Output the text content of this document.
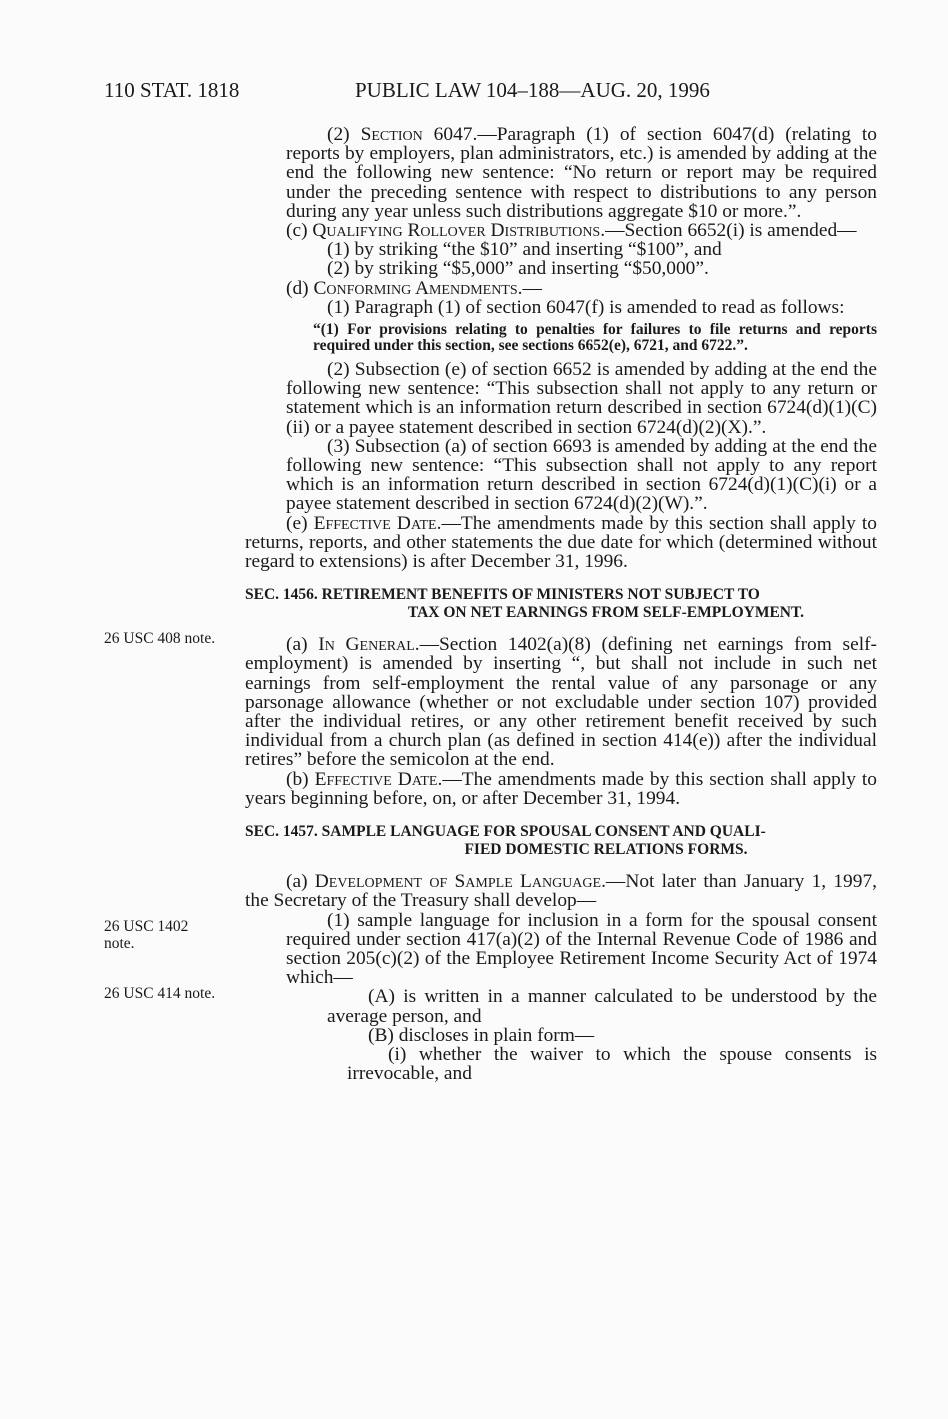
110 STAT. 1818	PUBLIC LAW 104–188—AUG. 20, 1996
26 USC 408 note.
26 USC 1402
note.
26 USC 414 note.

(2) Section 6047.—Paragraph (1) of section 6047(d) (relating to reports by employers, plan administrators, etc.) is amended by adding at the end the following new sentence: “No return or report may be required under the preceding sentence with respect to distributions to any person during any year unless such distributions aggregate $10 or more.”.

(c) Qualifying Rollover Distributions.—Section 6652(i) is amended—

(1) by striking “the $10” and inserting “$100”, and

(2) by striking “$5,000” and inserting “$50,000”.

(d) Conforming Amendments.—

(1) Paragraph (1) of section 6047(f) is amended to read as follows:

“(1) For provisions relating to penalties for failures to file returns and reports required under this section, see sections 6652(e), 6721, and 6722.”.

(2) Subsection (e) of section 6652 is amended by adding at the end the following new sentence: “This subsection shall not apply to any return or statement which is an information return described in section 6724(d)(1)(C)(ii) or a payee statement described in section 6724(d)(2)(X).”.

(3) Subsection (a) of section 6693 is amended by adding at the end the following new sentence: “This subsection shall not apply to any report which is an information return described in section 6724(d)(1)(C)(i) or a payee statement described in section 6724(d)(2)(W).”.

(e) Effective Date.—The amendments made by this section shall apply to returns, reports, and other statements the due date for which (determined without regard to extensions) is after December 31, 1996.

SEC. 1456. RETIREMENT BENEFITS OF MINISTERS NOT SUBJECT TO
TAX ON NET EARNINGS FROM SELF-EMPLOYMENT.

(a) In General.—Section 1402(a)(8) (defining net earnings from self-employment) is amended by inserting “, but shall not include in such net earnings from self-employment the rental value of any parsonage or any parsonage allowance (whether or not excludable under section 107) provided after the individual retires, or any other retirement benefit received by such individual from a church plan (as defined in section 414(e)) after the individual retires” before the semicolon at the end.

(b) Effective Date.—The amendments made by this section shall apply to years beginning before, on, or after December 31, 1994.

SEC. 1457. SAMPLE LANGUAGE FOR SPOUSAL CONSENT AND QUALI-
FIED DOMESTIC RELATIONS FORMS.

(a) Development of Sample Language.—Not later than January 1, 1997, the Secretary of the Treasury shall develop—

(1) sample language for inclusion in a form for the spousal consent required under section 417(a)(2) of the Internal Revenue Code of 1986 and section 205(c)(2) of the Employee Retirement Income Security Act of 1974 which—

(A) is written in a manner calculated to be understood by the average person, and

(B) discloses in plain form—

(i) whether the waiver to which the spouse consents is irrevocable, and
